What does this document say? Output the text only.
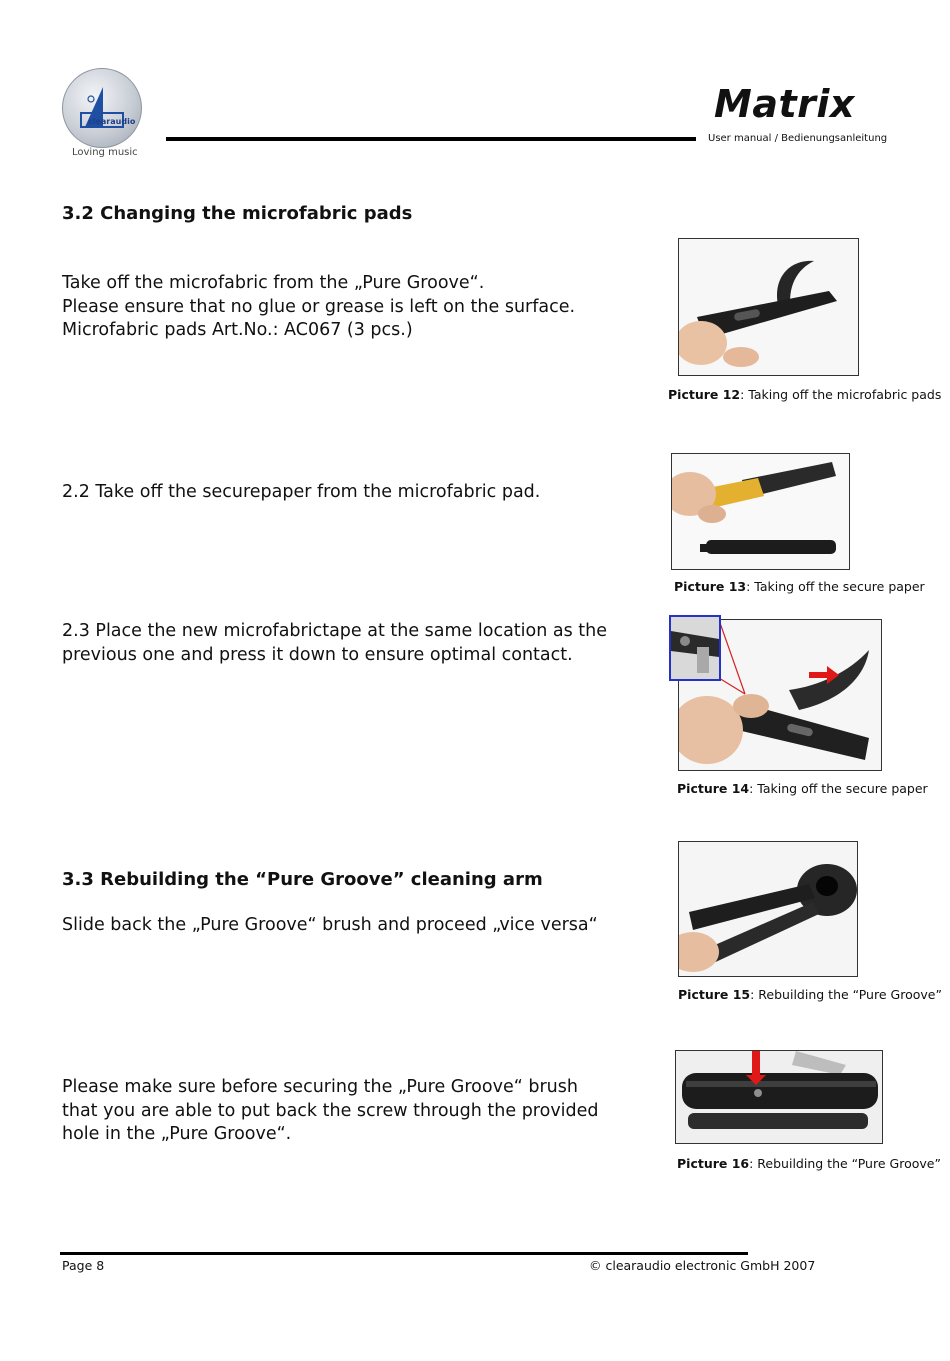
clearaudio
Loving music
Matrix
User manual / Bedienungsanleitung
3.2 Changing the microfabric pads
Take off the microfabric from the „Pure Groove“.
Please ensure that no glue or grease is left on the surface.
Microfabric pads Art.No.: AC067 (3 pcs.)
2.2 Take off the securepaper from the microfabric pad.
2.3 Place the new microfabrictape at the same location as the
previous one and press it down to ensure optimal contact.
3.3 Rebuilding the “Pure Groove” cleaning arm
Slide back the „Pure Groove“ brush and proceed „vice versa“
Please make sure before securing the „Pure Groove“ brush
that you are able to put back the screw through the provided
hole in the „Pure Groove“.
Picture 12: Taking off the microfabric pads
Picture 13: Taking off the secure paper
Picture 14: Taking off the secure paper
Picture 15: Rebuilding the “Pure Groove”
Picture 16: Rebuilding the “Pure Groove”
Page 8	© clearaudio electronic GmbH 2007
